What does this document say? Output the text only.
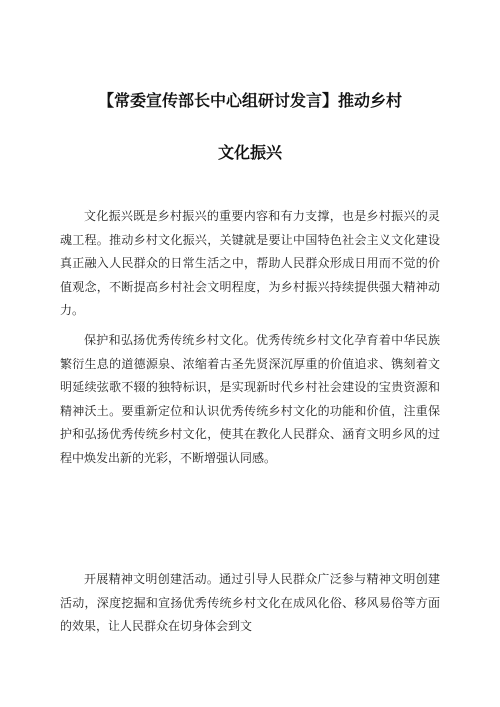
【常委宣传部长中心组研讨发言】推动乡村
文化振兴

文化振兴既是乡村振兴的重要内容和有力支撑，也是乡村振兴的灵魂工程。推动乡村文化振兴，关键就是要让中国特色社会主义文化建设真正融入人民群众的日常生活之中，帮助人民群众形成日用而不觉的价值观念，不断提高乡村社会文明程度，为乡村振兴持续提供强大精神动力。

保护和弘扬优秀传统乡村文化。优秀传统乡村文化孕育着中华民族繁衍生息的道德源泉、浓缩着古圣先贤深沉厚重的价值追求、镌刻着文明延续弦歌不辍的独特标识，是实现新时代乡村社会建设的宝贵资源和精神沃土。要重新定位和认识优秀传统乡村文化的功能和价值，注重保护和弘扬优秀传统乡村文化，使其在教化人民群众、涵育文明乡风的过程中焕发出新的光彩，不断增强认同感。

开展精神文明创建活动。通过引导人民群众广泛参与精神文明创建活动，深度挖掘和宣扬优秀传统乡村文化在成风化俗、移风易俗等方面的效果，让人民群众在切身体会到文
